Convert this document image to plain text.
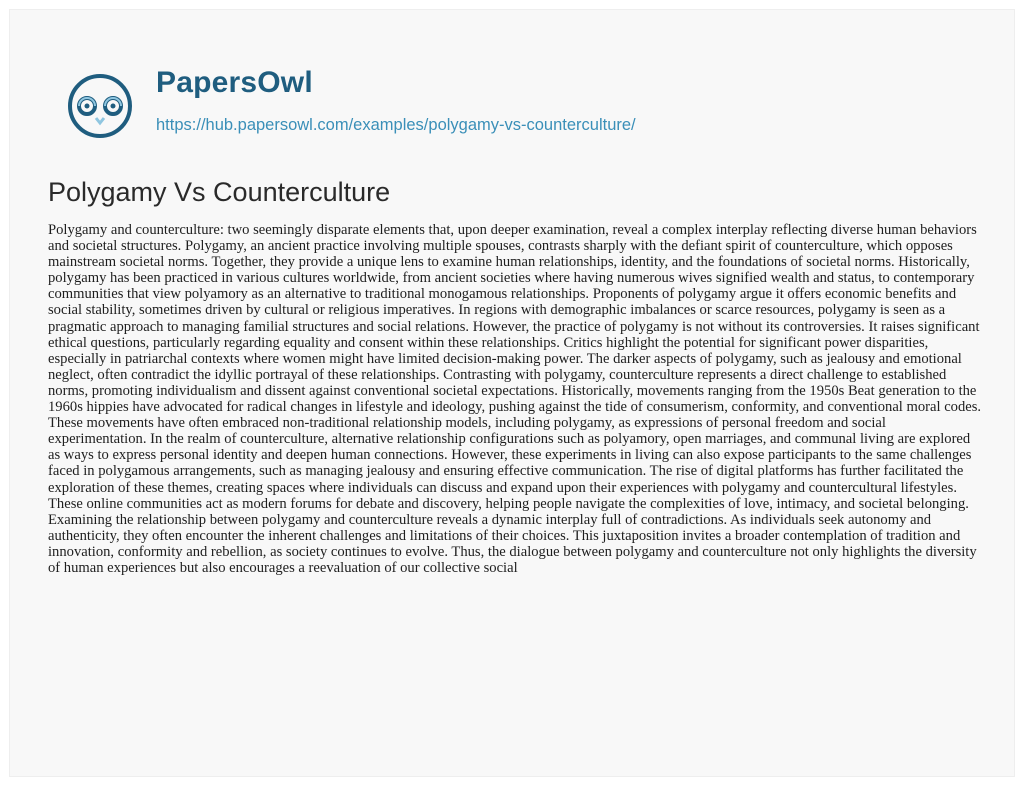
PapersOwl
https://hub.papersowl.com/examples/polygamy-vs-counterculture/
Polygamy Vs Counterculture

Polygamy and counterculture: two seemingly disparate elements that, upon deeper examination, reveal a complex interplay reflecting diverse human behaviors and societal structures. Polygamy, an ancient practice involving multiple spouses, contrasts sharply with the defiant spirit of counterculture, which opposes mainstream societal norms. Together, they provide a unique lens to examine human relationships, identity, and the foundations of societal norms. Historically, polygamy has been practiced in various cultures worldwide, from ancient societies where having numerous wives signified wealth and status, to contemporary communities that view polyamory as an alternative to traditional monogamous relationships. Proponents of polygamy argue it offers economic benefits and social stability, sometimes driven by cultural or religious imperatives. In regions with demographic imbalances or scarce resources, polygamy is seen as a pragmatic approach to managing familial structures and social relations. However, the practice of polygamy is not without its controversies. It raises significant ethical questions, particularly regarding equality and consent within these relationships. Critics highlight the potential for significant power disparities, especially in patriarchal contexts where women might have limited decision-making power. The darker aspects of polygamy, such as jealousy and emotional neglect, often contradict the idyllic portrayal of these relationships. Contrasting with polygamy, counterculture represents a direct challenge to established norms, promoting individualism and dissent against conventional societal expectations. Historically, movements ranging from the 1950s Beat generation to the 1960s hippies have advocated for radical changes in lifestyle and ideology, pushing against the tide of consumerism, conformity, and conventional moral codes. These movements have often embraced non-traditional relationship models, including polygamy, as expressions of personal freedom and social experimentation. In the realm of counterculture, alternative relationship configurations such as polyamory, open marriages, and communal living are explored as ways to express personal identity and deepen human connections. However, these experiments in living can also expose participants to the same challenges faced in polygamous arrangements, such as managing jealousy and ensuring effective communication. The rise of digital platforms has further facilitated the exploration of these themes, creating spaces where individuals can discuss and expand upon their experiences with polygamy and countercultural lifestyles. These online communities act as modern forums for debate and discovery, helping people navigate the complexities of love, intimacy, and societal belonging. Examining the relationship between polygamy and counterculture reveals a dynamic interplay full of contradictions. As individuals seek autonomy and authenticity, they often encounter the inherent challenges and limitations of their choices. This juxtaposition invites a broader contemplation of tradition and innovation, conformity and rebellion, as society continues to evolve. Thus, the dialogue between polygamy and counterculture not only highlights the diversity of human experiences but also encourages a reevaluation of our collective social
